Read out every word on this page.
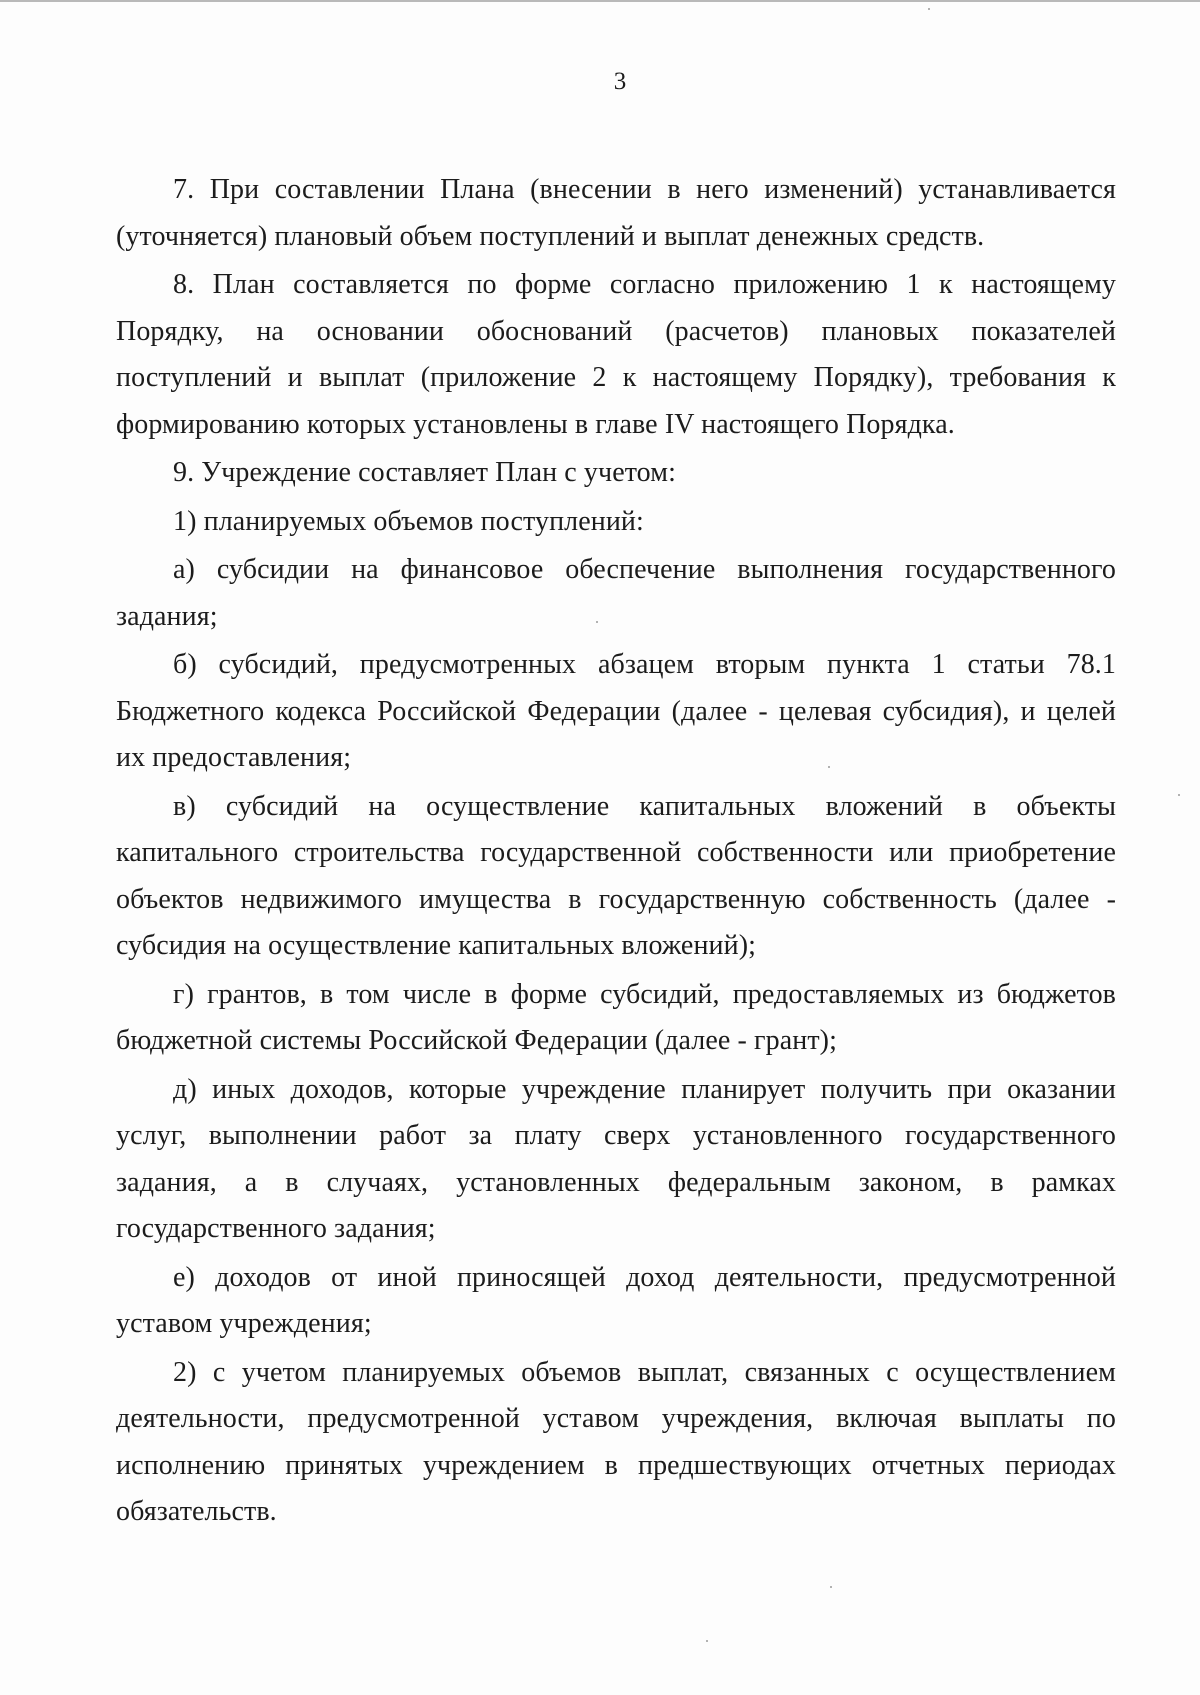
3

7. При составлении Плана (внесении в него изменений) устанавливается (уточняется) плановый объем поступлений и выплат денежных средств.

8. План составляется по форме согласно приложению 1 к настоящему Порядку, на основании обоснований (расчетов) плановых показателей поступлений и выплат (приложение 2 к настоящему Порядку), требования к формированию которых установлены в главе IV настоящего Порядка.

9. Учреждение составляет План с учетом:

1) планируемых объемов поступлений:

а) субсидии на финансовое обеспечение выполнения государственного задания;

б) субсидий, предусмотренных абзацем вторым пункта 1 статьи 78.1 Бюджетного кодекса Российской Федерации (далее - целевая субсидия), и целей их предоставления;

в) субсидий на осуществление капитальных вложений в объекты капитального строительства государственной собственности или приобретение объектов недвижимого имущества в государственную собственность (далее - субсидия на осуществление капитальных вложений);

г) грантов, в том числе в форме субсидий, предоставляемых из бюджетов бюджетной системы Российской Федерации (далее - грант);

д) иных доходов, которые учреждение планирует получить при оказании услуг, выполнении работ за плату сверх установленного государственного задания, а в случаях, установленных федеральным законом, в рамках государственного задания;

е) доходов от иной приносящей доход деятельности, предусмотренной уставом учреждения;

2) с учетом планируемых объемов выплат, связанных с осуществлением деятельности, предусмотренной уставом учреждения, включая выплаты по исполнению принятых учреждением в предшествующих отчетных периодах обязательств.
